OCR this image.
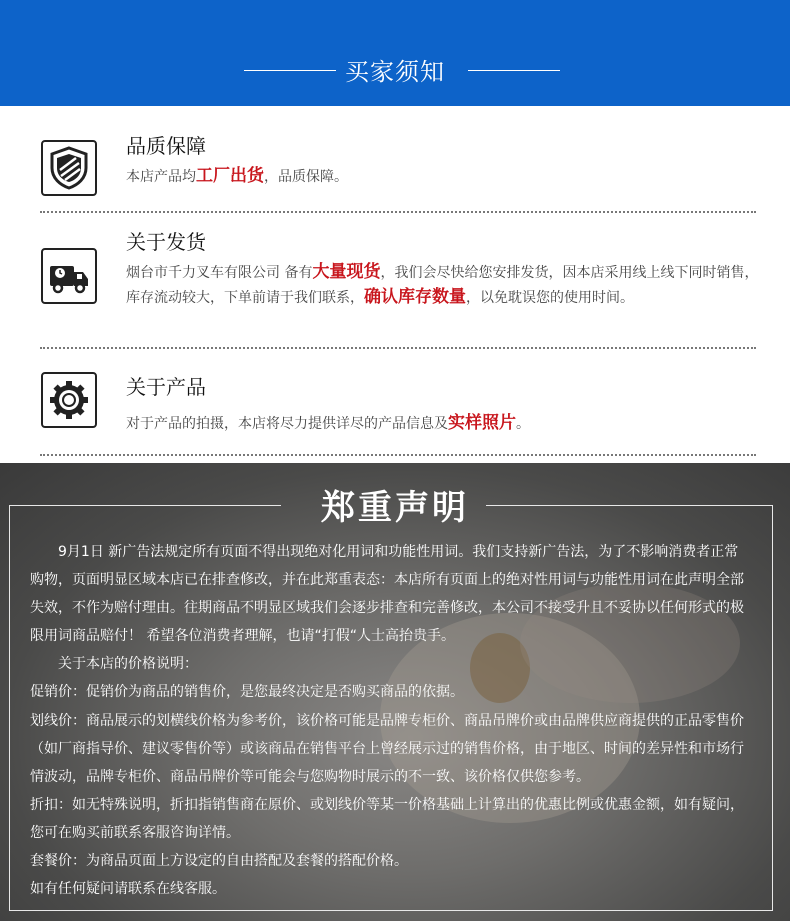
买家须知
品质保障
本店产品均工厂出货，品质保障。
关于发货
烟台市千力叉车有限公司 备有大量现货，我们会尽快给您安排发货，因本店采用线上线下同时销售，库存流动较大，下单前请于我们联系，确认库存数量，以免耽误您的使用时间。
关于产品
对于产品的拍摄，本店将尽力提供详尽的产品信息及实样照片。
郑重声明

　　9月1日 新广告法规定所有页面不得出现绝对化用词和功能性用词。我们支持新广告法，为了不影响消费者正常购物，页面明显区域本店已在排查修改，并在此郑重表态：本店所有页面上的绝对性用词与功能性用词在此声明全部失效，不作为赔付理由。往期商品不明显区域我们会逐步排查和完善修改，本公司不接受升且不妥协以任何形式的极限用词商品赔付！ 希望各位消费者理解，也请“打假“人士高抬贵手。

　　关于本店的价格说明：

促销价：促销价为商品的销售价，是您最终决定是否购买商品的依据。

划线价：商品展示的划横线价格为参考价，该价格可能是品牌专柜价、商品吊牌价或由品牌供应商提供的正品零售价（如厂商指导价、建议零售价等）或该商品在销售平台上曾经展示过的销售价格，由于地区、时间的差异性和市场行情波动，品牌专柜价、商品吊牌价等可能会与您购物时展示的不一致、该价格仅供您参考。

折扣：如无特殊说明，折扣指销售商在原价、或划线价等某一价格基础上计算出的优惠比例或优惠金额，如有疑问，您可在购买前联系客服咨询详情。

套餐价：为商品页面上方设定的自由搭配及套餐的搭配价格。

如有任何疑问请联系在线客服。
